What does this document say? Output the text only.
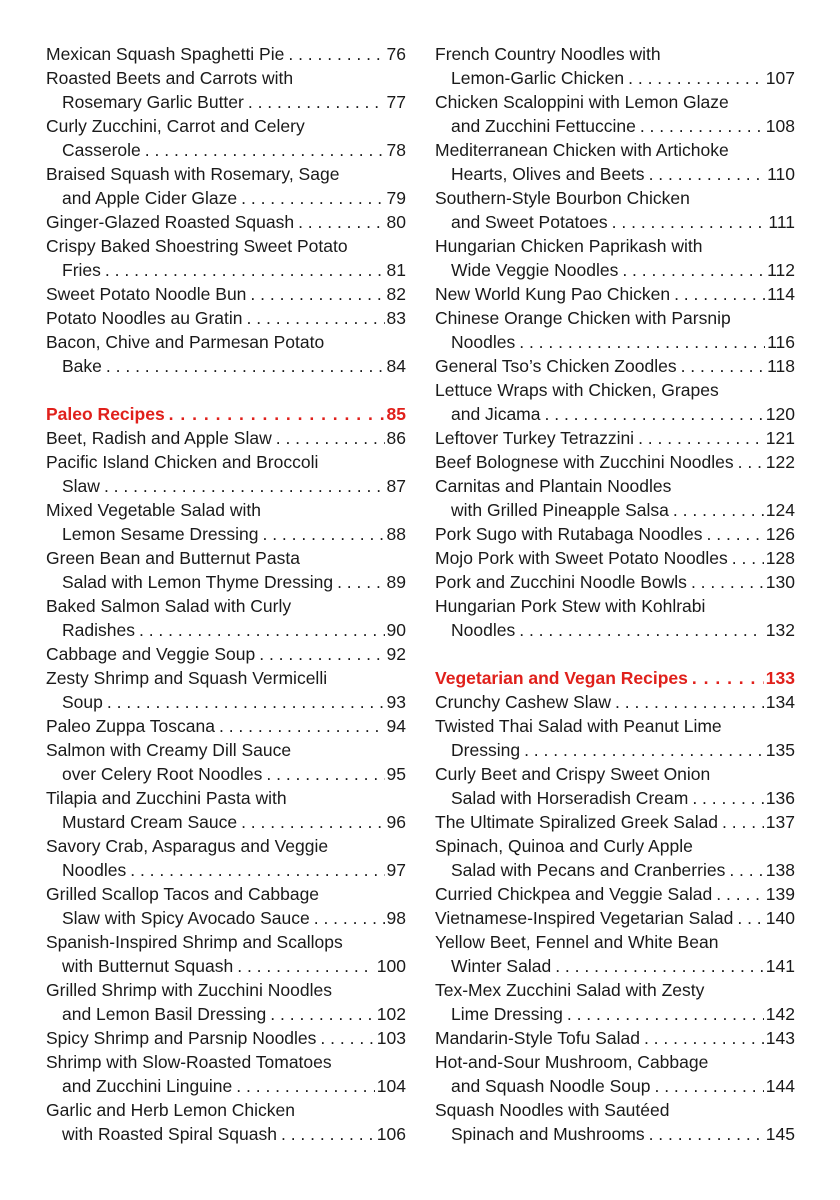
Mexican Squash Spaghetti Pie . . .	76
Roasted Beets and Carrots with
Rosemary Garlic Butter . . .	77
Curly Zucchini, Carrot and Celery
Casserole . . .	78
Braised Squash with Rosemary, Sage
and Apple Cider Glaze . . .	79
Ginger-Glazed Roasted Squash . . .	80
Crispy Baked Shoestring Sweet Potato
Fries . . .	81
Sweet Potato Noodle Bun . . .	82
Potato Noodles au Gratin . . .	83
Bacon, Chive and Parmesan Potato
Bake . . .	84
Paleo Recipes . . .	85
Beet, Radish and Apple Slaw . . .	86
Pacific Island Chicken and Broccoli
Slaw . . .	87
Mixed Vegetable Salad with
Lemon Sesame Dressing . . .	88
Green Bean and Butternut Pasta
Salad with Lemon Thyme Dressing . . .	89
Baked Salmon Salad with Curly
Radishes . . .	90
Cabbage and Veggie Soup . . .	92
Zesty Shrimp and Squash Vermicelli
Soup . . .	93
Paleo Zuppa Toscana . . .	94
Salmon with Creamy Dill Sauce
over Celery Root Noodles . . .	95
Tilapia and Zucchini Pasta with
Mustard Cream Sauce . . .	96
Savory Crab, Asparagus and Veggie
Noodles . . .	97
Grilled Scallop Tacos and Cabbage
Slaw with Spicy Avocado Sauce . . .	98
Spanish-Inspired Shrimp and Scallops
with Butternut Squash . . .	100
Grilled Shrimp with Zucchini Noodles
and Lemon Basil Dressing . . .	102
Spicy Shrimp and Parsnip Noodles . . .	103
Shrimp with Slow-Roasted Tomatoes
and Zucchini Linguine . . .	104
Garlic and Herb Lemon Chicken
with Roasted Spiral Squash . . .	106
French Country Noodles with
Lemon-Garlic Chicken . . .	107
Chicken Scaloppini with Lemon Glaze
and Zucchini Fettuccine . . .	108
Mediterranean Chicken with Artichoke
Hearts, Olives and Beets . . .	110
Southern-Style Bourbon Chicken
and Sweet Potatoes . . .	111
Hungarian Chicken Paprikash with
Wide Veggie Noodles . . .	112
New World Kung Pao Chicken . . .	114
Chinese Orange Chicken with Parsnip
Noodles . . .	116
General Tso’s Chicken Zoodles . . .	118
Lettuce Wraps with Chicken, Grapes
and Jicama . . .	120
Leftover Turkey Tetrazzini . . .	121
Beef Bolognese with Zucchini Noodles . . . 122
Carnitas and Plantain Noodles
with Grilled Pineapple Salsa . . .	124
Pork Sugo with Rutabaga Noodles . . .	126
Mojo Pork with Sweet Potato Noodles . . . 128
Pork and Zucchini Noodle Bowls . . .	130
Hungarian Pork Stew with Kohlrabi
Noodles . . .	132
Vegetarian and Vegan Recipes . . .	133
Crunchy Cashew Slaw . . .	134
Twisted Thai Salad with Peanut Lime
Dressing . . .	135
Curly Beet and Crispy Sweet Onion
Salad with Horseradish Cream . . .	136
The Ultimate Spiralized Greek Salad . . .	137
Spinach, Quinoa and Curly Apple
Salad with Pecans and Cranberries . . . 138
Curried Chickpea and Veggie Salad . . .	139
Vietnamese-Inspired Vegetarian Salad . . . 140
Yellow Beet, Fennel and White Bean
Winter Salad . . .	141
Tex-Mex Zucchini Salad with Zesty
Lime Dressing . . .	142
Mandarin-Style Tofu Salad . . .	143
Hot-and-Sour Mushroom, Cabbage
and Squash Noodle Soup . . .	144
Squash Noodles with Sautéed
Spinach and Mushrooms . . .	145
